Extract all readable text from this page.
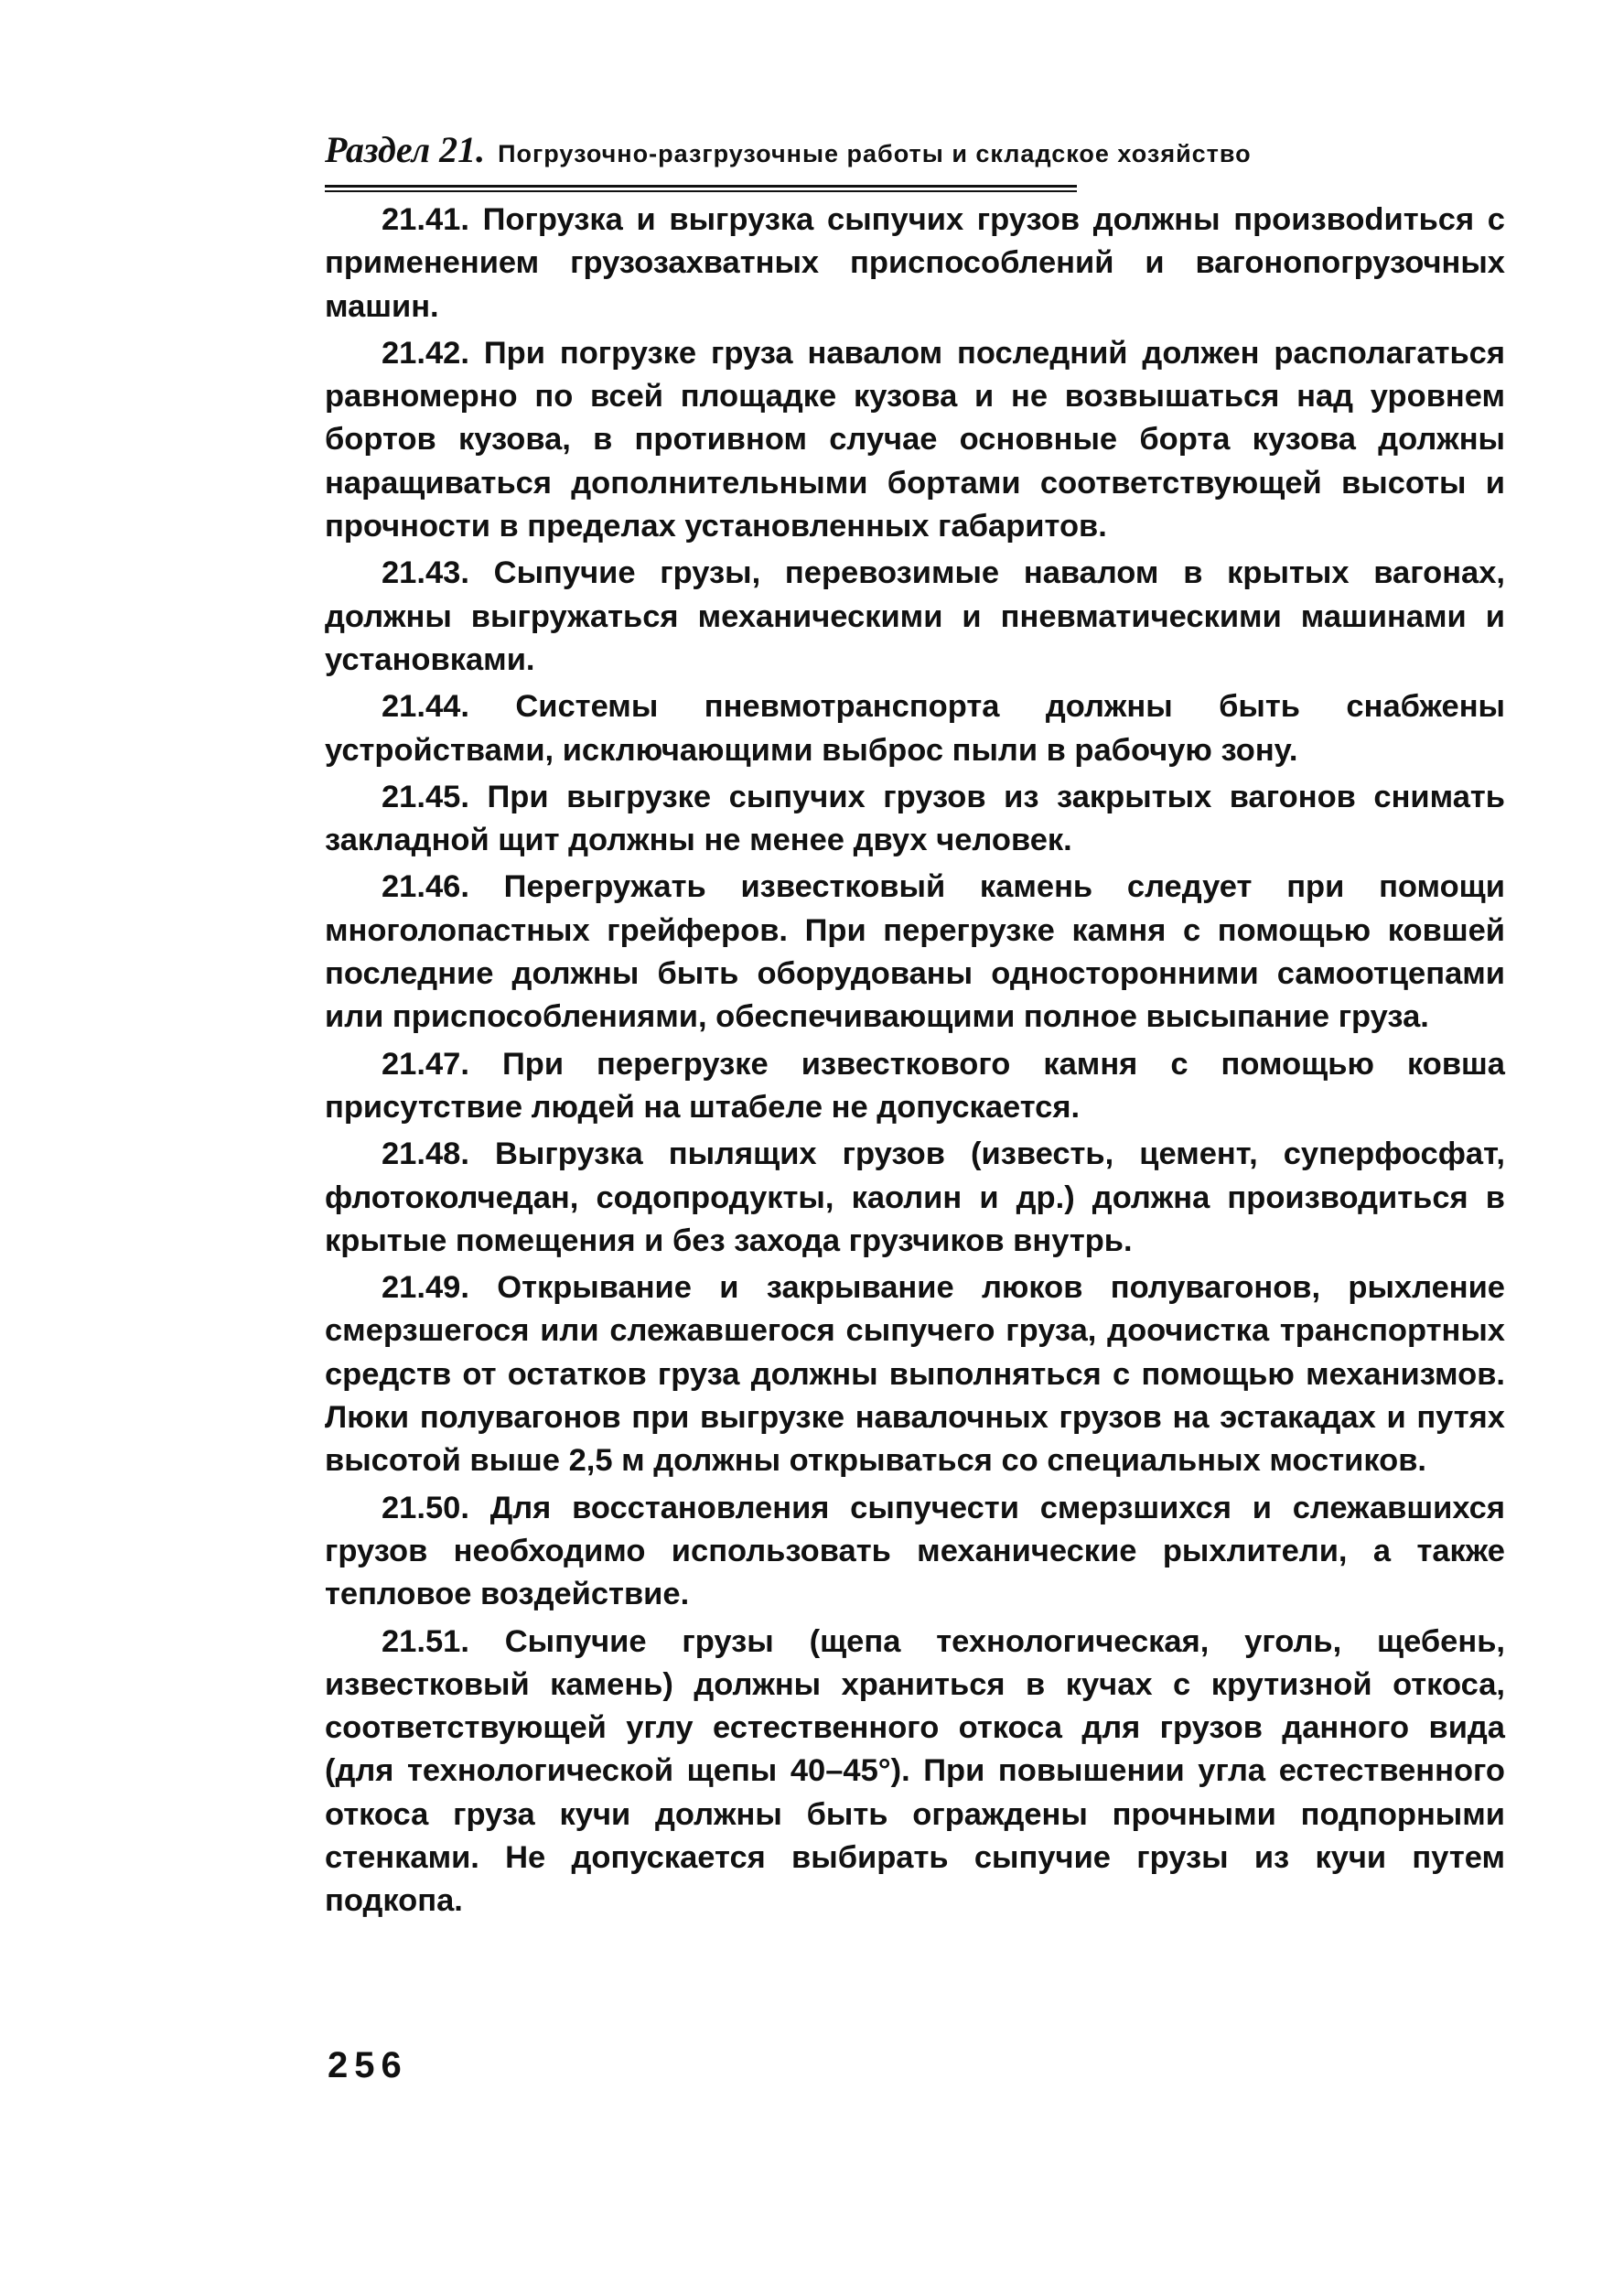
Раздел 21. Погрузочно-разгрузочные работы и складское хозяйство

21.41. Погрузка и выгрузка сыпучих грузов должны произвоdиться с применением грузозахватных приспособлений и вагонопогрузочных машин.

21.42. При погрузке груза навалом последний должен располагаться равномерно по всей площадке кузова и не возвышаться над уровнем бортов кузова, в противном случае основные борта кузова должны наращиваться дополнительными бортами соответствующей высоты и прочности в пределах установленных габаритов.

21.43. Сыпучие грузы, перевозимые навалом в крытых вагонах, должны выгружаться механическими и пневматическими машинами и установками.

21.44. Системы пневмотранспорта должны быть снабжены устройствами, исключающими выброс пыли в рабочую зону.

21.45. При выгрузке сыпучих грузов из закрытых вагонов снимать закладной щит должны не менее двух человек.

21.46. Перегружать известковый камень следует при помощи многолопастных грейферов. При перегрузке камня с помощью ковшей последние должны быть оборудованы односторонними самоотцепами или приспособлениями, обеспечивающими полное высыпание груза.

21.47. При перегрузке известкового камня с помощью ковша присутствие людей на штабеле не допускается.

21.48. Выгрузка пылящих грузов (известь, цемент, суперфосфат, флотоколчедан, содопродукты, каолин и др.) должна производиться в крытые помещения и без захода грузчиков внутрь.

21.49. Открывание и закрывание люков полувагонов, рыхление смерзшегося или слежавшегося сыпучего груза, доочистка транспортных средств от остатков груза должны выполняться с помощью механизмов. Люки полувагонов при выгрузке навалочных грузов на эстакадах и путях высотой выше 2,5 м должны открываться со специальных мостиков.

21.50. Для восстановления сыпучести смерзшихся и слежавшихся грузов необходимо использовать механические рыхлители, а также тепловое воздействие.

21.51. Сыпучие грузы (щепа технологическая, уголь, щебень, известковый камень) должны храниться в кучах с крутизной откоса, соответствующей углу естественного откоса для грузов данного вида (для технологической щепы 40–45°). При повышении угла естественного откоса груза кучи должны быть ограждены прочными подпорными стенками. Не допускается выбирать сыпучие грузы из кучи путем подкопа.

256
